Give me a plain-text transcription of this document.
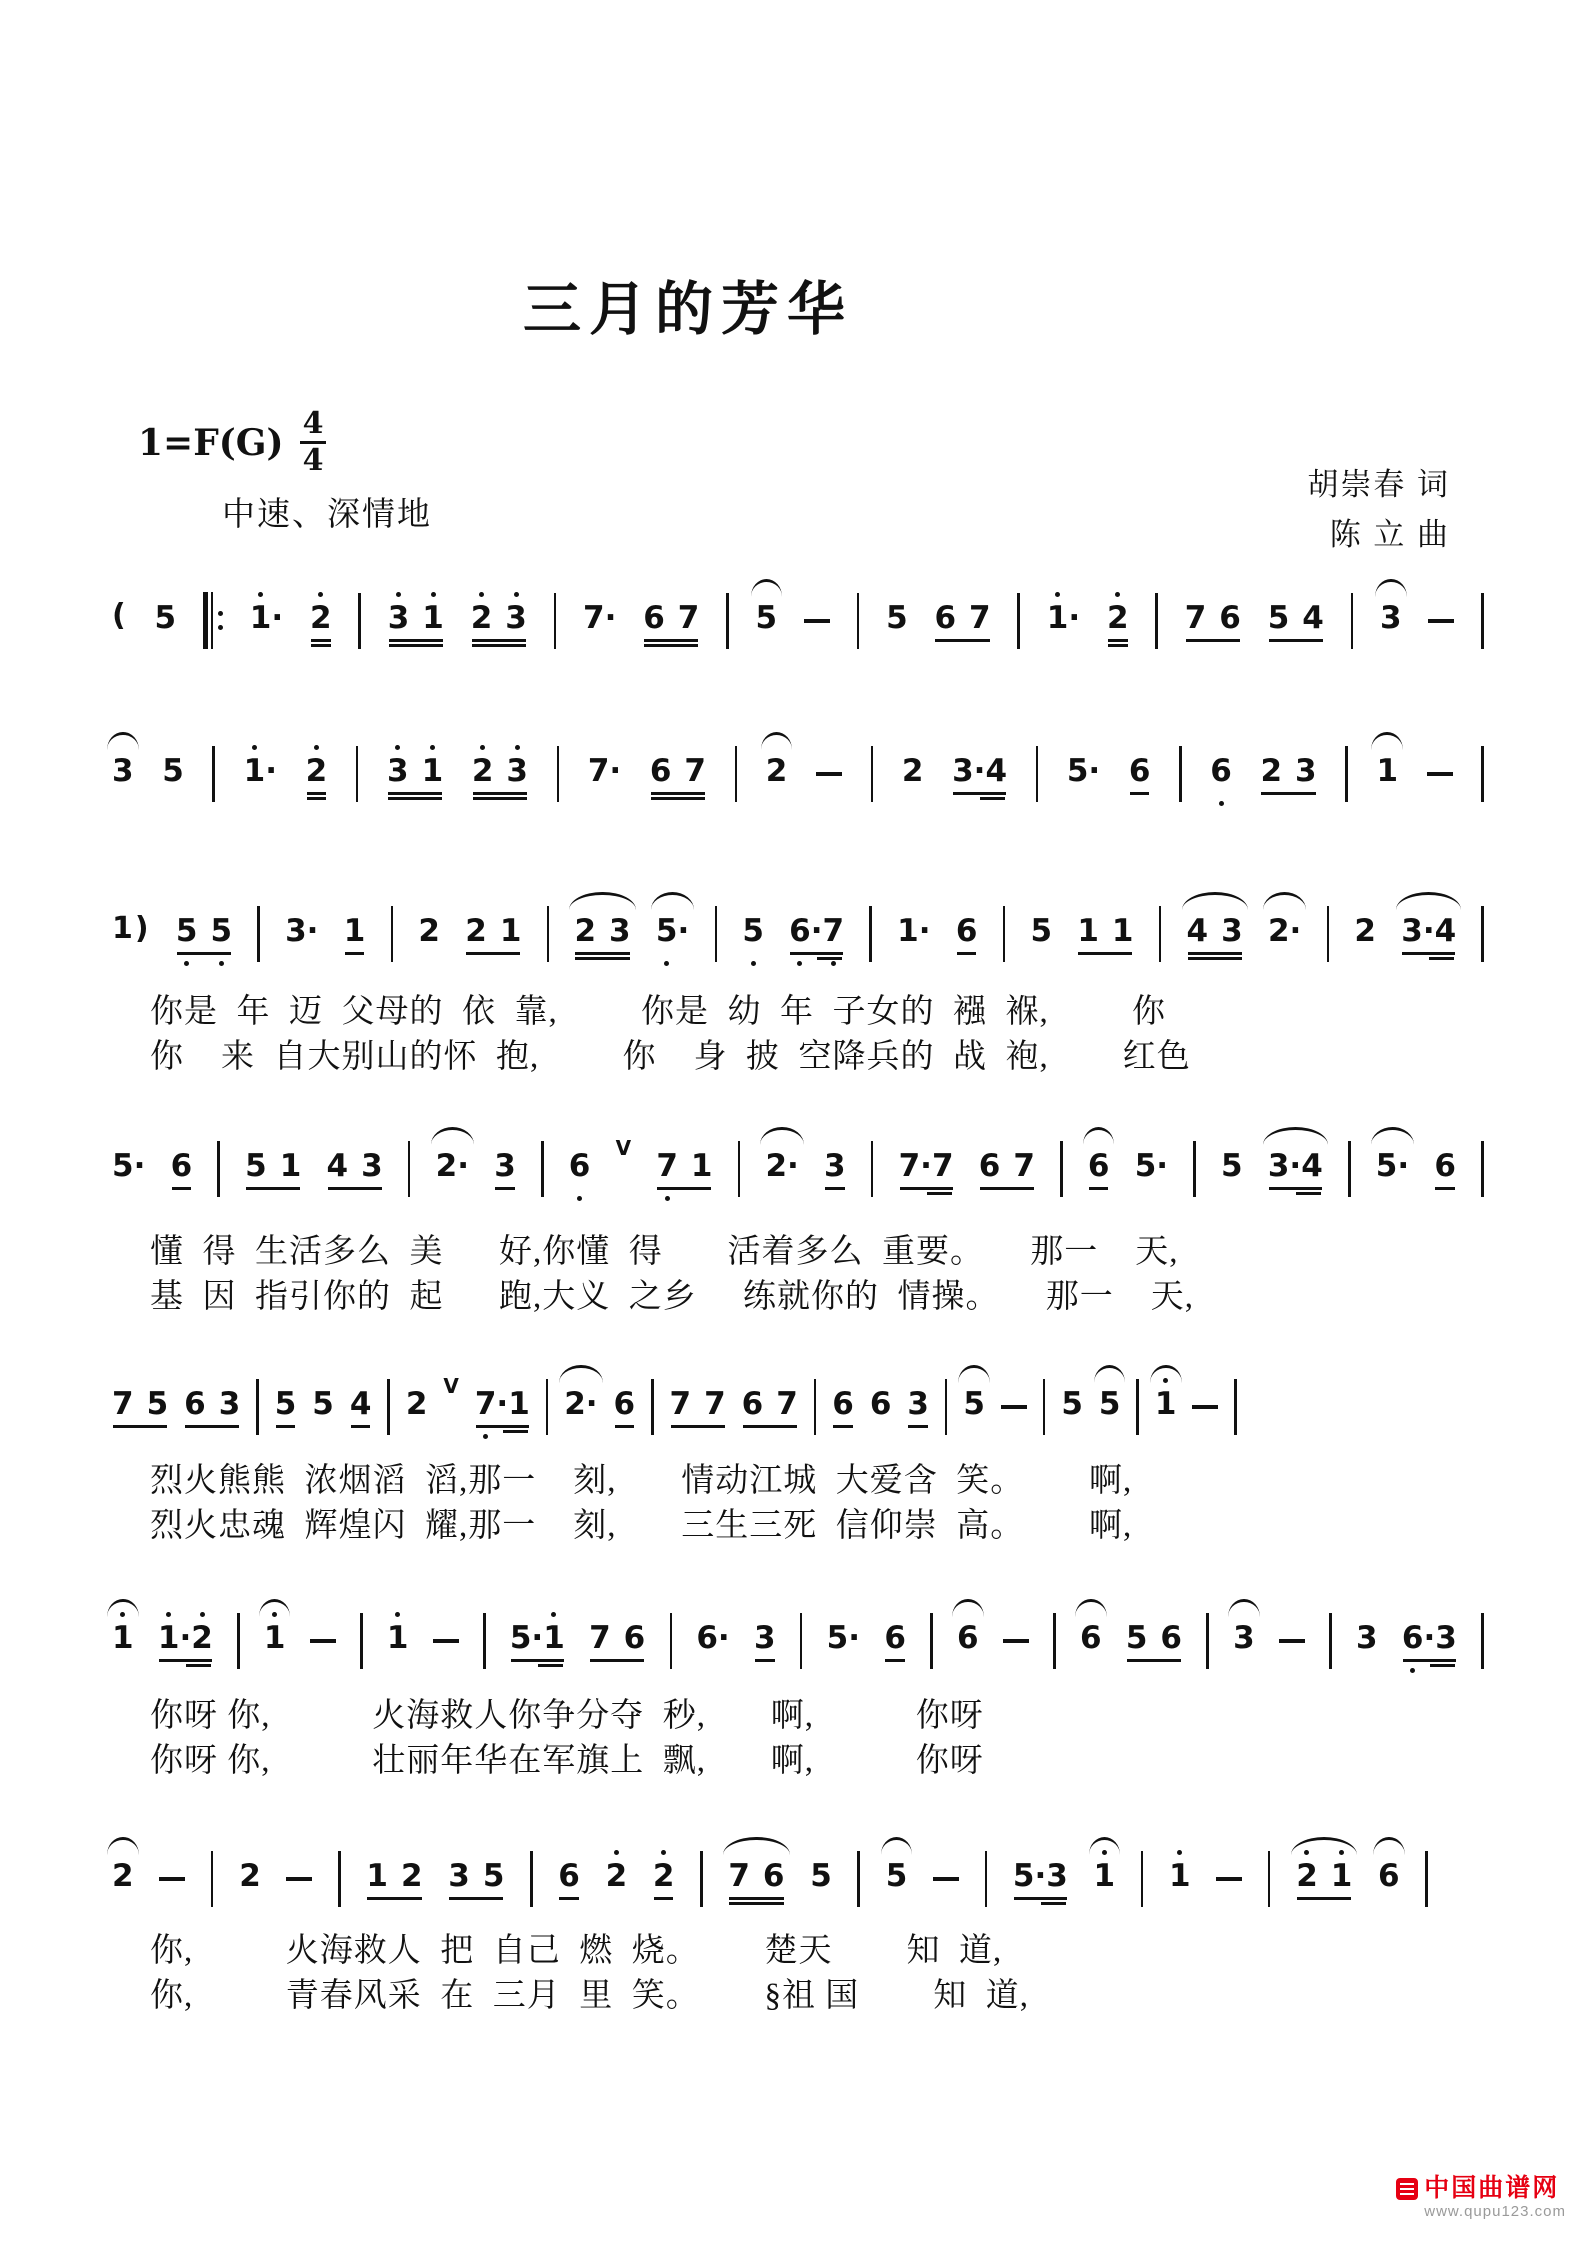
三月的芳华
$1=F(G) \frac{4}{4}$
中速、深情地
胡崇春 词
陈 立 曲
( 5 1 · 2 3
1 2
3 7 · 6
7 5	5 6
7 1 · 2 7
6 5
4 3
3 5 1 · 2 3
1 2
3 7 · 6
7 2	2 3 · 4 5 · 6 6 2
3 1
1) 5
5 3 · 1 2 2
1 2
3 5 · 5 6 · 7 1 · 6 5 1
1 4
3 2 · 2 3 · 4
5 · 6 5
1 4
3 2 · 3 6 V 7
1 2 · 3 7 · 7 6
7 6 5 · 5 3 · 4 5 · 6
7
5 6
3 5 5 4 2 V 7 · 1 2 · 6 7
7 6
7 6 6 3 5 5 5 1
1 1 · 2 1	1	5 · 1 7
6 6 · 3 5 · 6 6	6 5
6 3	3 6 · 3
2	2	1
2 3
5 6 2 2 7
6 5 5	5 · 3 1 1	2
1 6
你是  年  迈  父母的  依  靠,         你是  幼  年  子女的  襁  褓,         你
你    来  自大别山的怀  抱,         你    身  披  空降兵的  战  袍,        红色
懂  得  生活多么  美      好,你懂  得       活着多么  重要。     那一    天,
基  因  指引你的  起      跑,大义  之乡     练就你的  情操。     那一    天,
烈火熊熊  浓烟滔  滔,那一    刻,       情动江城  大爱含  笑。       啊,
烈火忠魂  辉煌闪  耀,那一    刻,       三生三死  信仰崇  高。       啊,
你呀 你,           火海救人你争分夺  秒,       啊,           你呀
你呀 你,           壮丽年华在军旗上  飘,       啊,           你呀
你,          火海救人  把  自己  燃  烧。       楚天        知  道,
你,          青春风采  在  三月  里  笑。       §祖 国        知  道,
中国曲谱网
www.qupu123.com
